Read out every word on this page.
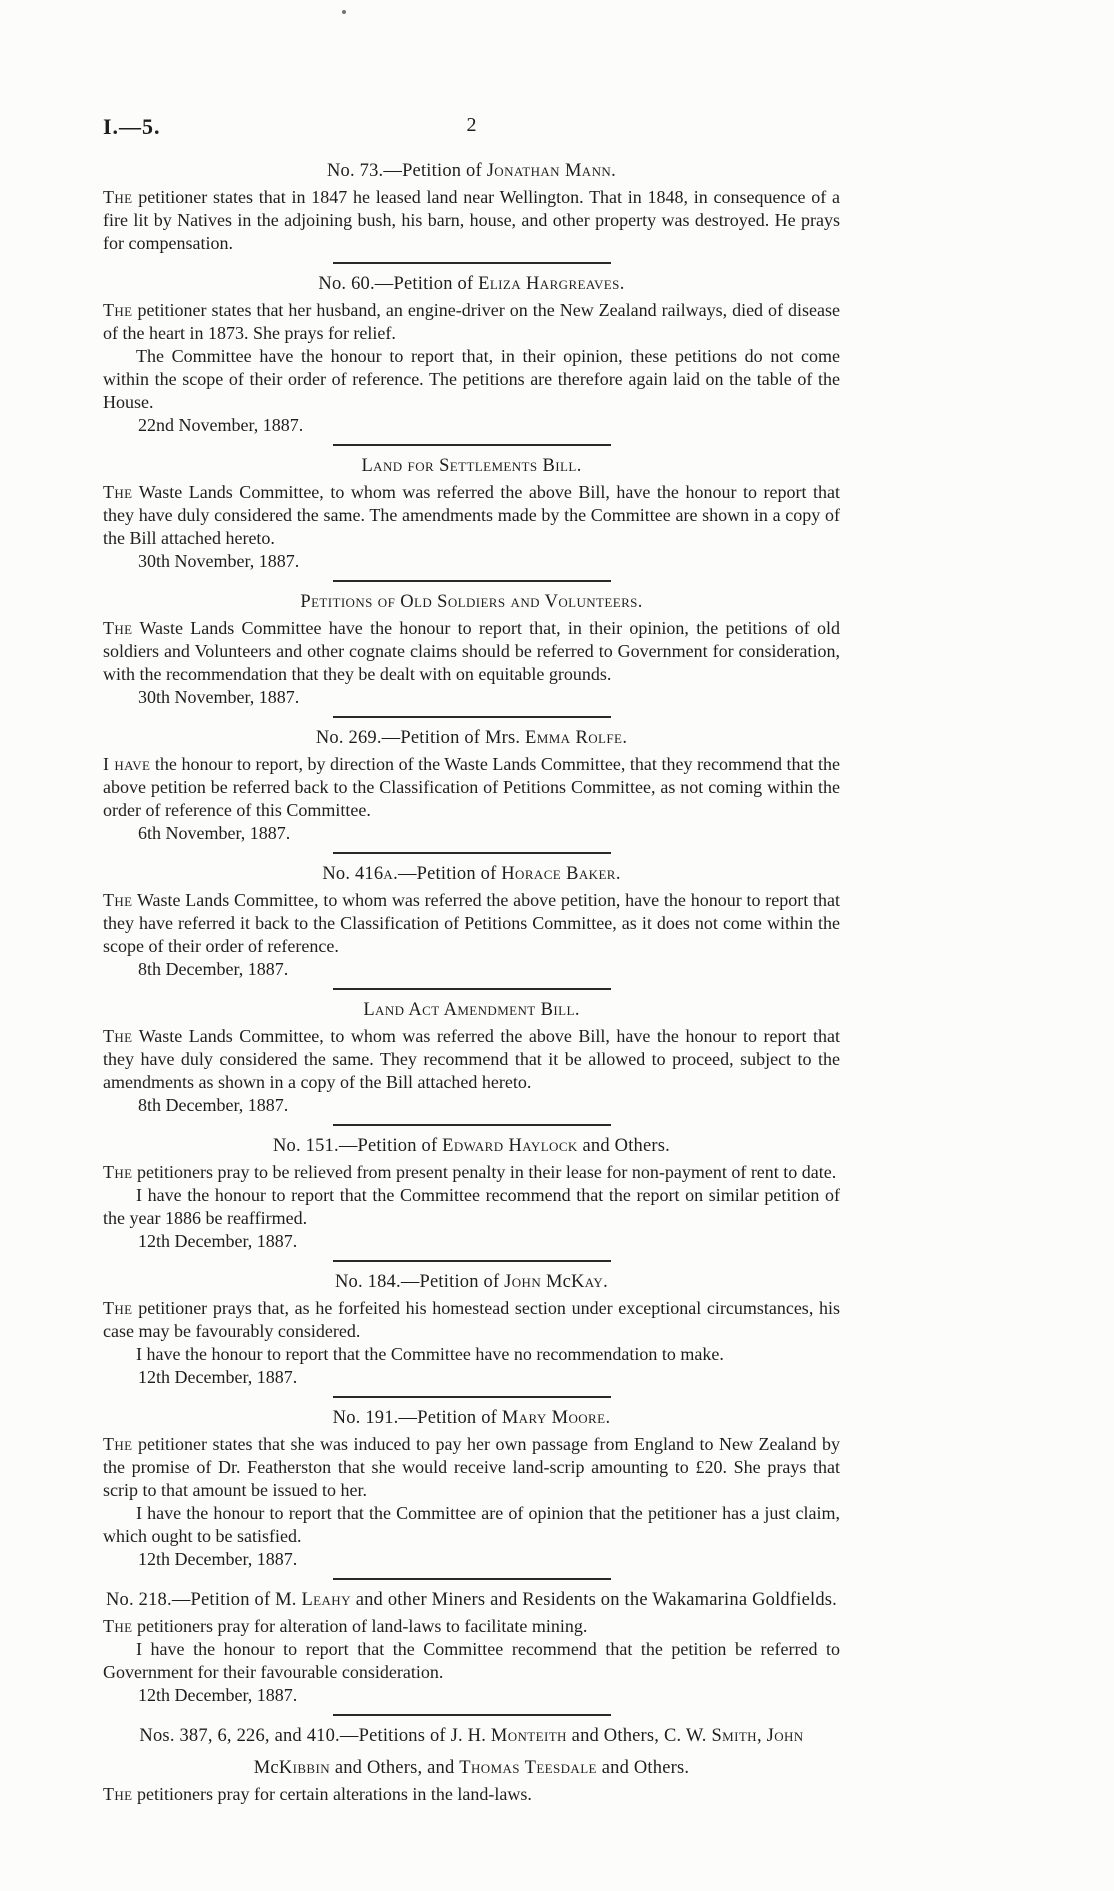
I.—5.	2
No. 73.—Petition of Jonathan Mann.

The petitioner states that in 1847 he leased land near Wellington. That in 1848, in consequence of a fire lit by Natives in the adjoining bush, his barn, house, and other property was destroyed. He prays for compensation.

No. 60.—Petition of Eliza Hargreaves.

The petitioner states that her husband, an engine-driver on the New Zealand railways, died of disease of the heart in 1873. She prays for relief.

The Committee have the honour to report that, in their opinion, these petitions do not come within the scope of their order of reference. The petitions are therefore again laid on the table of the House.

22nd November, 1887.
Land for Settlements Bill.

The Waste Lands Committee, to whom was referred the above Bill, have the honour to report that they have duly considered the same. The amendments made by the Committee are shown in a copy of the Bill attached hereto.

30th November, 1887.
Petitions of Old Soldiers and Volunteers.

The Waste Lands Committee have the honour to report that, in their opinion, the petitions of old soldiers and Volunteers and other cognate claims should be referred to Government for consideration, with the recommendation that they be dealt with on equitable grounds.

30th November, 1887.
No. 269.—Petition of Mrs. Emma Rolfe.

I have the honour to report, by direction of the Waste Lands Committee, that they recommend that the above petition be referred back to the Classification of Petitions Committee, as not coming within the order of reference of this Committee.

6th November, 1887.
No. 416a.—Petition of Horace Baker.

The Waste Lands Committee, to whom was referred the above petition, have the honour to report that they have referred it back to the Classification of Petitions Committee, as it does not come within the scope of their order of reference.

8th December, 1887.
Land Act Amendment Bill.

The Waste Lands Committee, to whom was referred the above Bill, have the honour to report that they have duly considered the same. They recommend that it be allowed to proceed, subject to the amendments as shown in a copy of the Bill attached hereto.

8th December, 1887.
No. 151.—Petition of Edward Haylock and Others.

The petitioners pray to be relieved from present penalty in their lease for non-payment of rent to date.

I have the honour to report that the Committee recommend that the report on similar petition of the year 1886 be reaffirmed.

12th December, 1887.
No. 184.—Petition of John McKay.

The petitioner prays that, as he forfeited his homestead section under exceptional circumstances, his case may be favourably considered.

I have the honour to report that the Committee have no recommendation to make.

12th December, 1887.
No. 191.—Petition of Mary Moore.

The petitioner states that she was induced to pay her own passage from England to New Zealand by the promise of Dr. Featherston that she would receive land-scrip amounting to £20. She prays that scrip to that amount be issued to her.

I have the honour to report that the Committee are of opinion that the petitioner has a just claim, which ought to be satisfied.

12th December, 1887.
No. 218.—Petition of M. Leahy and other Miners and Residents on the Wakamarina Goldfields.

The petitioners pray for alteration of land-laws to facilitate mining.

I have the honour to report that the Committee recommend that the petition be referred to Government for their favourable consideration.

12th December, 1887.
Nos. 387, 6, 226, and 410.—Petitions of J. H. Monteith and Others, C. W. Smith, John
McKibbin and Others, and Thomas Teesdale and Others.

The petitioners pray for certain alterations in the land-laws.
